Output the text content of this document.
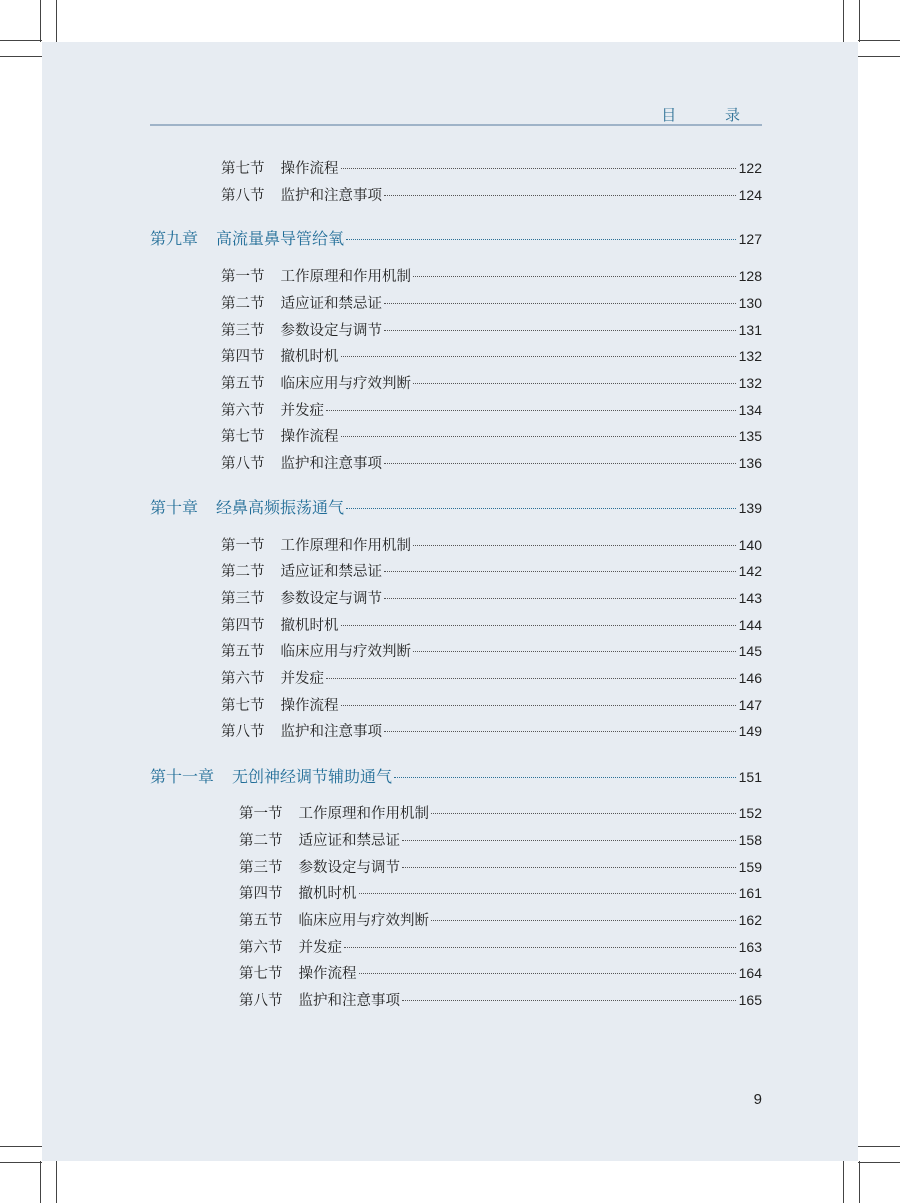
目 录
第七节 操作流程	122
第八节 监护和注意事项	124
第九章 高流量鼻导管给氧	127
第一节 工作原理和作用机制	128
第二节 适应证和禁忌证	130
第三节 参数设定与调节	131
第四节 撤机时机	132
第五节 临床应用与疗效判断	132
第六节 并发症	134
第七节 操作流程	135
第八节 监护和注意事项	136
第十章 经鼻高频振荡通气	139
第一节 工作原理和作用机制	140
第二节 适应证和禁忌证	142
第三节 参数设定与调节	143
第四节 撤机时机	144
第五节 临床应用与疗效判断	145
第六节 并发症	146
第七节 操作流程	147
第八节 监护和注意事项	149
第十一章 无创神经调节辅助通气	151
第一节 工作原理和作用机制	152
第二节 适应证和禁忌证	158
第三节 参数设定与调节	159
第四节 撤机时机	161
第五节 临床应用与疗效判断	162
第六节 并发症	163
第七节 操作流程	164
第八节 监护和注意事项	165
9
